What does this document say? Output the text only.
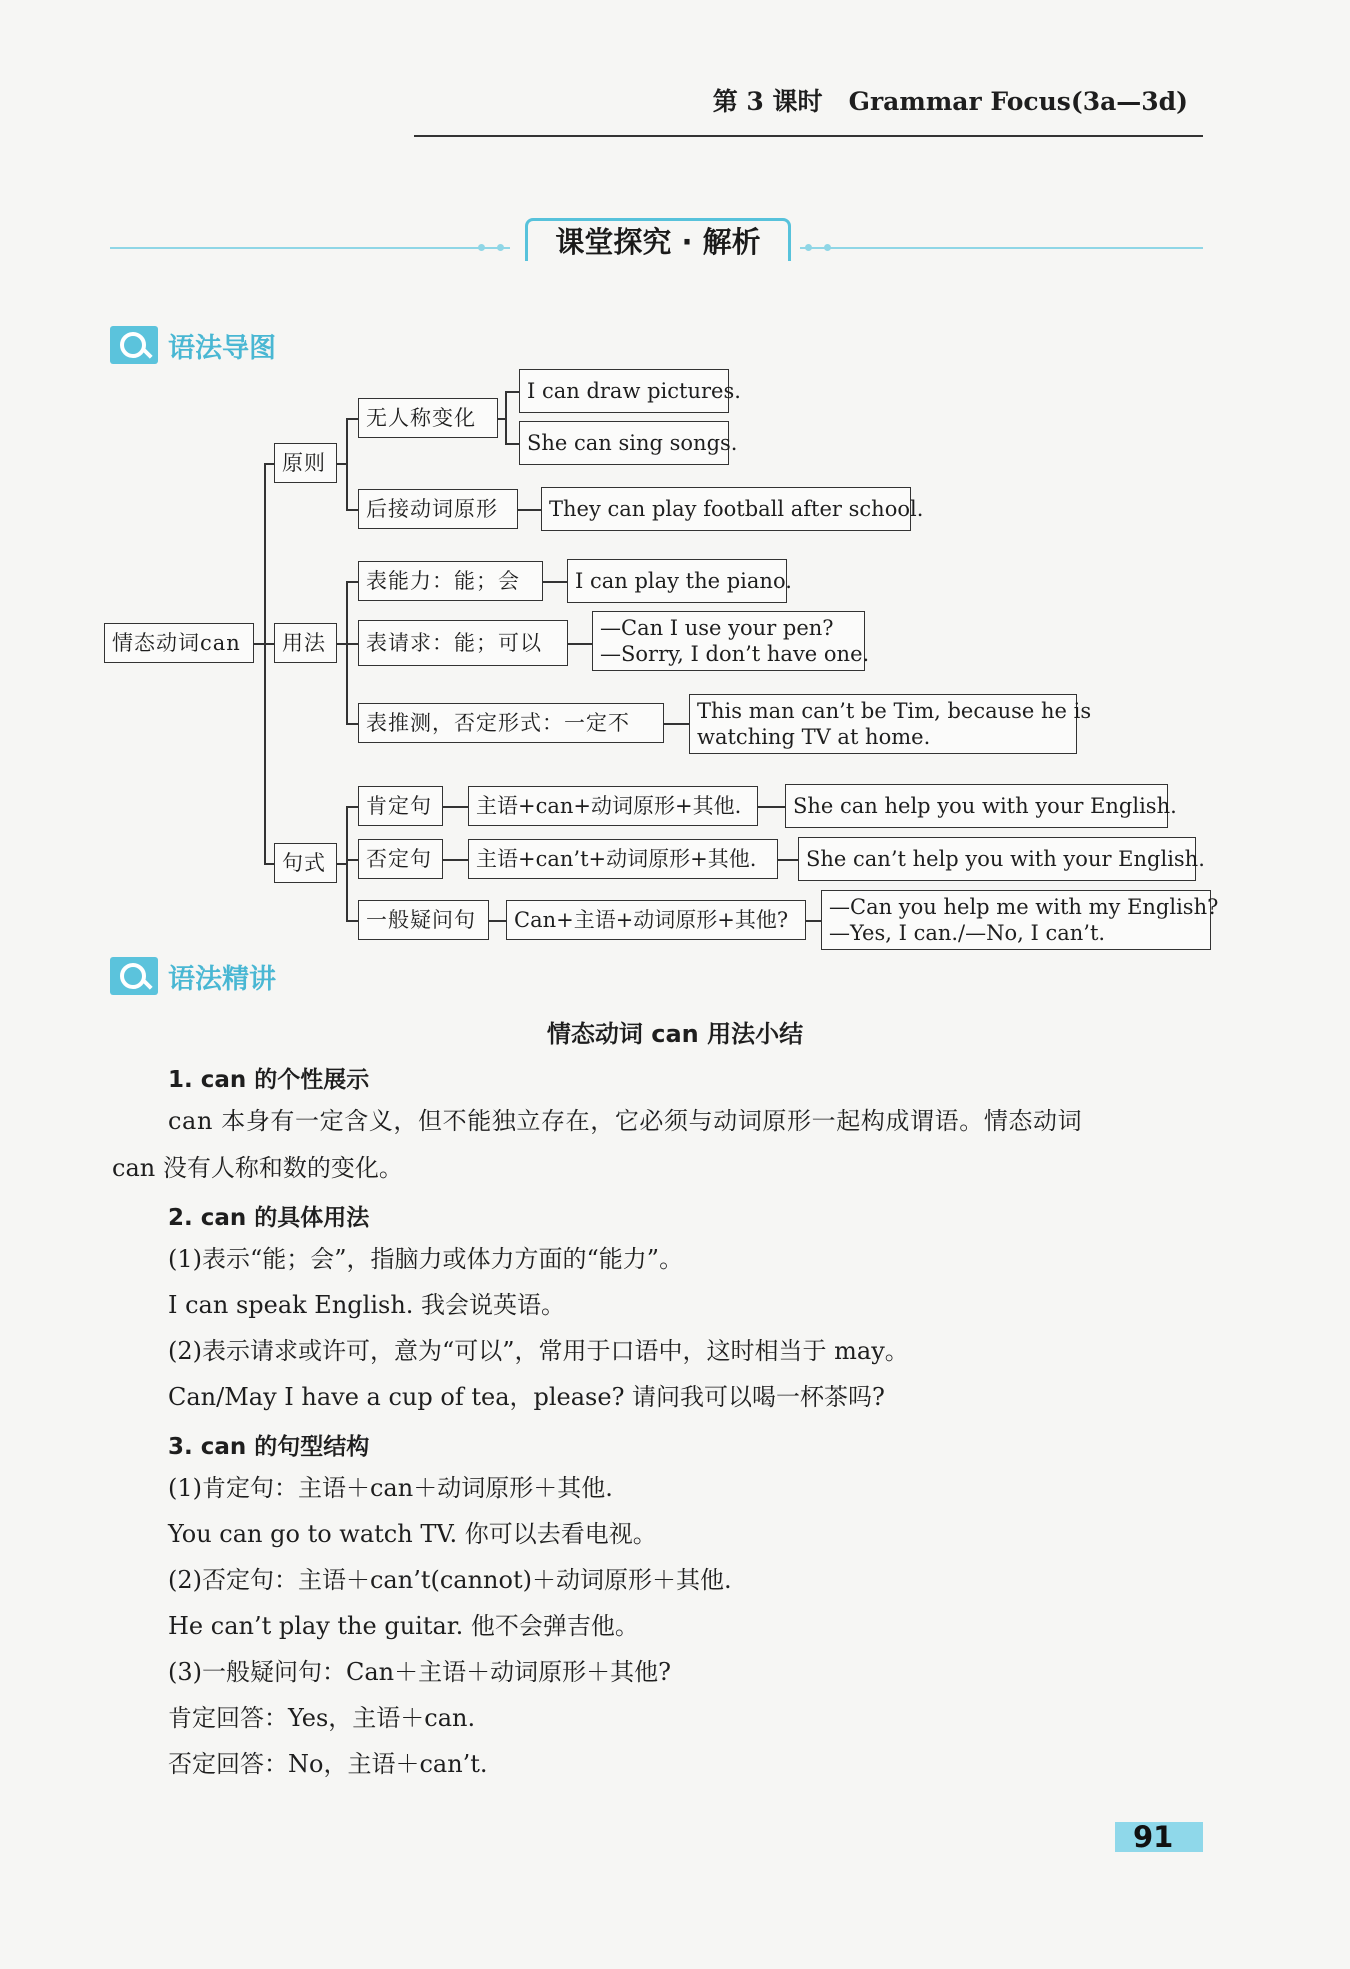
第 3 课时 Grammar Focus(3a—3d)
课堂探究 · 解析
语法导图
情态动词can
原则
用法
句式
无人称变化
I can draw pictures.
She can sing songs.
后接动词原形	They can play football after school.
表能力：能；会	I can play the piano.
表请求：能；可以
—Can I use your pen?
—Sorry, I don’t have one.
表推测，否定形式：一定不	This man can’t be Tim, because he is
watching TV at home.
肯定句	主语+can+动词原形+其他.	She can help you with your English.
否定句	主语+can’t+动词原形+其他.	She can’t help you with your English.
一般疑问句	Can+主语+动词原形+其他?
—Can you help me with my English?
—Yes, I can./—No, I can’t.
语法精讲
情态动词 can 用法小结
1. can 的个性展示
can 本身有一定含义，但不能独立存在，它必须与动词原形一起构成谓语。情态动词
can 没有人称和数的变化。
2. can 的具体用法
(1)表示“能；会”，指脑力或体力方面的“能力”。
I can speak English. 我会说英语。
(2)表示请求或许可，意为“可以”，常用于口语中，这时相当于 may。
Can/May I have a cup of tea，please? 请问我可以喝一杯茶吗?
3. can 的句型结构
(1)肯定句：主语＋can＋动词原形＋其他.
You can go to watch TV. 你可以去看电视。
(2)否定句：主语＋can’t(cannot)＋动词原形＋其他.
He can’t play the guitar. 他不会弹吉他。
(3)一般疑问句：Can＋主语＋动词原形＋其他?
肯定回答：Yes，主语＋can.
否定回答：No，主语＋can’t.
91
